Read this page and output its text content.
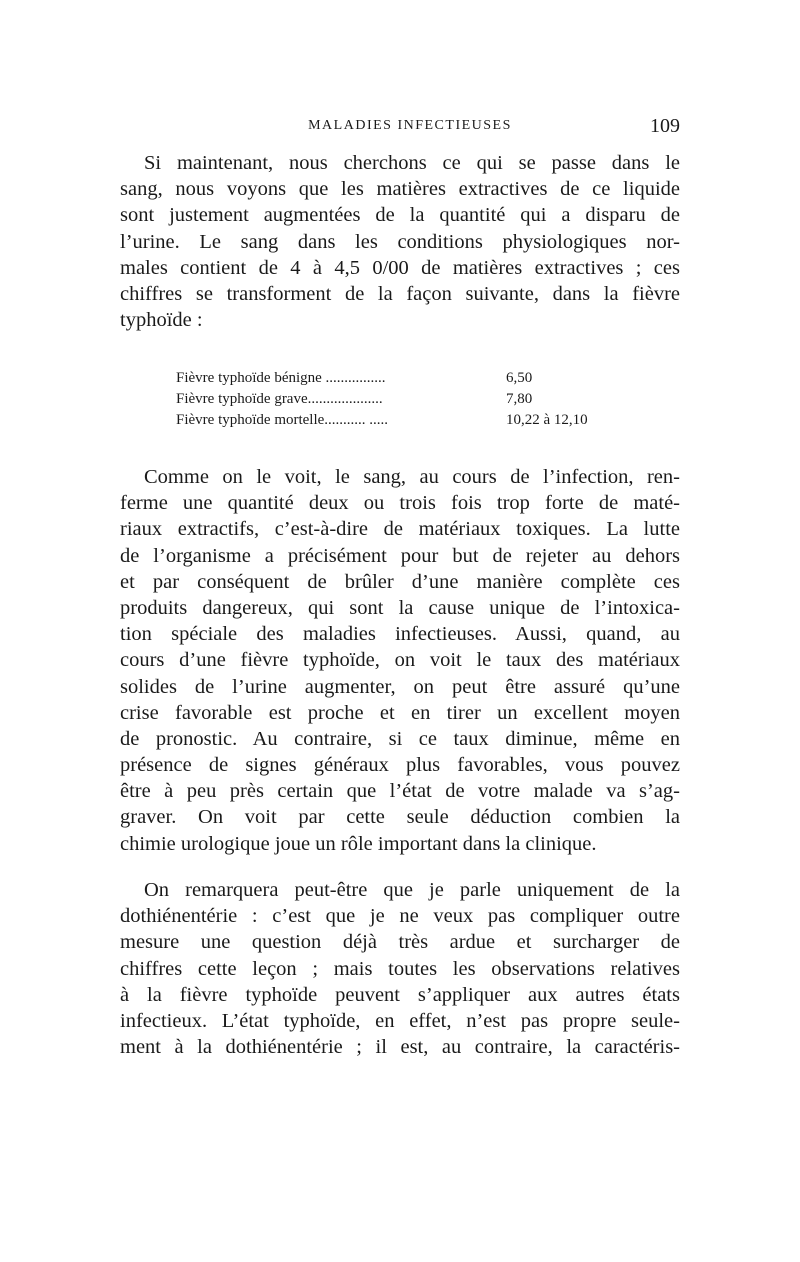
MALADIES INFECTIEUSES	109

Si maintenant, nous cherchons ce qui se passe dans le
sang, nous voyons que les matières extractives de ce liquide
sont justement augmentées de la quantité qui a disparu de
l’urine. Le sang dans les conditions physiologiques nor-
males contient de 4 à 4,5 0/00 de matières extractives ; ces
chiffres se transforment de la façon suivante, dans la fièvre
typhoïde :

Fièvre typhoïde bénigne ................	6,50
Fièvre typhoïde grave....................	7,80
Fièvre typhoïde mortelle........... .....	10,22 à 12,10

Comme on le voit, le sang, au cours de l’infection, ren-
ferme une quantité deux ou trois fois trop forte de maté-
riaux extractifs, c’est-à-dire de matériaux toxiques. La lutte
de l’organisme a précisément pour but de rejeter au dehors
et par conséquent de brûler d’une manière complète ces
produits dangereux, qui sont la cause unique de l’intoxica-
tion spéciale des maladies infectieuses. Aussi, quand, au
cours d’une fièvre typhoïde, on voit le taux des matériaux
solides de l’urine augmenter, on peut être assuré qu’une
crise favorable est proche et en tirer un excellent moyen
de pronostic. Au contraire, si ce taux diminue, même en
présence de signes généraux plus favorables, vous pouvez
être à peu près certain que l’état de votre malade va s’ag-
graver. On voit par cette seule déduction combien la
chimie urologique joue un rôle important dans la clinique.

On remarquera peut-être que je parle uniquement de la
dothiénentérie : c’est que je ne veux pas compliquer outre
mesure une question déjà très ardue et surcharger de
chiffres cette leçon ; mais toutes les observations relatives
à la fièvre typhoïde peuvent s’appliquer aux autres états
infectieux. L’état typhoïde, en effet, n’est pas propre seule-
ment à la dothiénentérie ; il est, au contraire, la caractéris-
